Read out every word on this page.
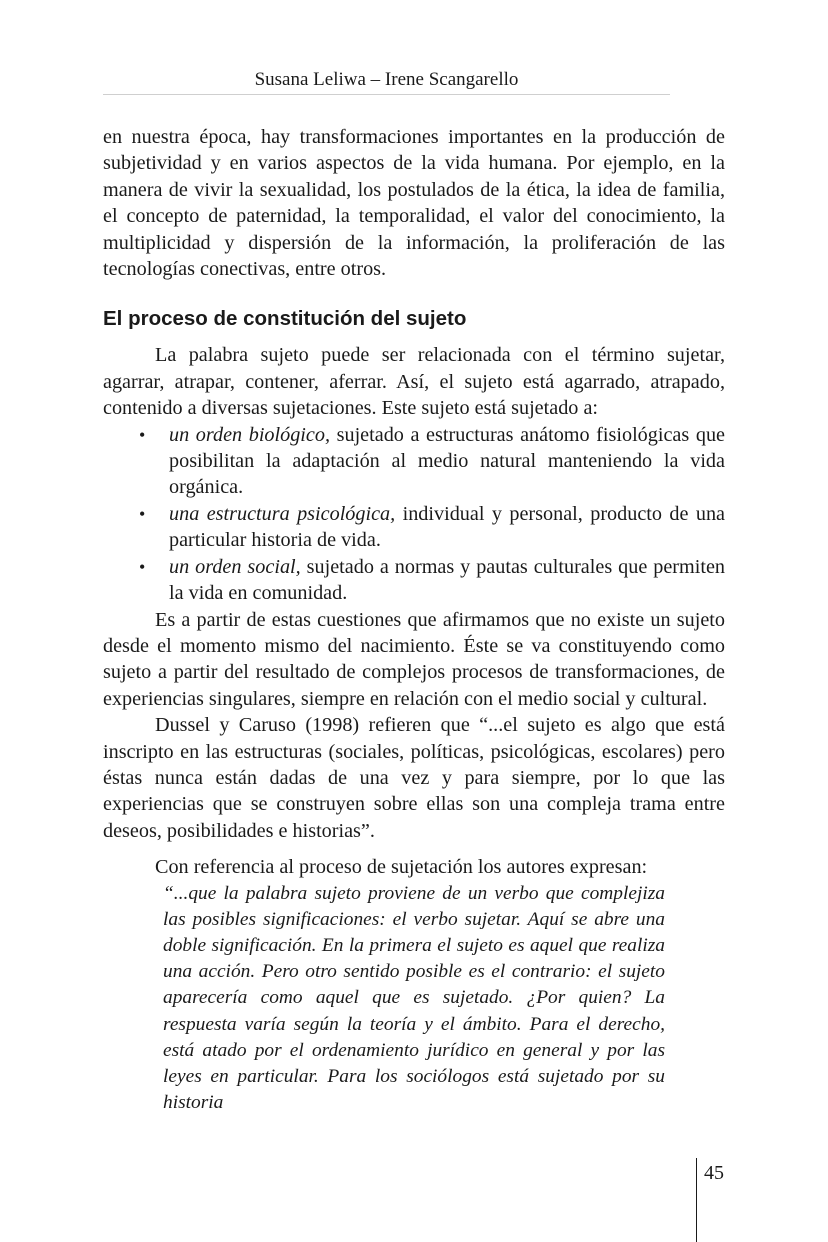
Susana Leliwa – Irene Scangarello

en nuestra época, hay transformaciones importantes en la producción de subjetividad y en varios aspectos de la vida humana. Por ejemplo, en la manera de vivir la sexualidad, los postulados de la ética, la idea de familia, el concepto de paternidad, la temporalidad, el valor del conocimiento, la multiplicidad y dispersión de la información, la proliferación de las tecnologías conectivas, entre otros.

El proceso de constitución del sujeto

La palabra sujeto puede ser relacionada con el término sujetar, agarrar, atrapar, contener, aferrar. Así, el sujeto está agarrado, atrapado, contenido a diversas sujetaciones. Este sujeto está sujetado a:

• un orden biológico, sujetado a estructuras anátomo fisiológicas que posibilitan la adaptación al medio natural manteniendo la vida orgánica.
• una estructura psicológica, individual y personal, producto de una particular historia de vida.
• un orden social, sujetado a normas y pautas culturales que permiten la vida en comunidad.

Es a partir de estas cuestiones que afirmamos que no existe un sujeto desde el momento mismo del nacimiento. Éste se va constituyendo como sujeto a partir del resultado de complejos procesos de transformaciones, de experiencias singulares, siempre en relación con el medio social y cultural.

Dussel y Caruso (1998) refieren que “...el sujeto es algo que está inscripto en las estructuras (sociales, políticas, psicológicas, escolares) pero éstas nunca están dadas de una vez y para siempre, por lo que las experiencias que se construyen sobre ellas son una compleja trama entre deseos, posibilidades e historias”.

Con referencia al proceso de sujetación los autores expresan:

“...que la palabra sujeto proviene de un verbo que complejiza las posibles significaciones: el verbo sujetar. Aquí se abre una doble significación. En la primera el sujeto es aquel que realiza una acción. Pero otro sentido posible es el contrario: el sujeto aparecería como aquel que es sujetado. ¿Por quien? La respuesta varía según la teoría y el ámbito. Para el derecho, está atado por el ordenamiento jurídico en general y por las leyes en particular. Para los sociólogos está sujetado por su historia
45
